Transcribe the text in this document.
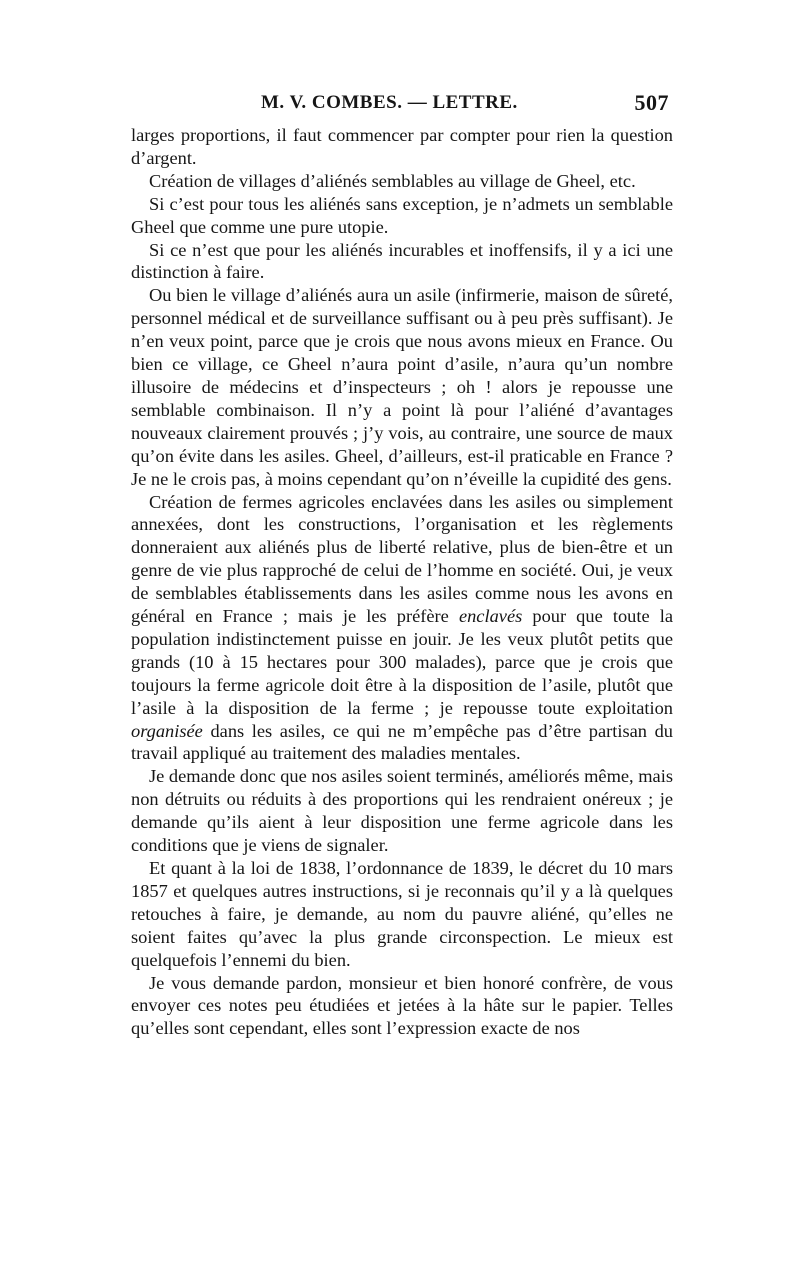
M. V. COMBES. — LETTRE.	507

larges proportions, il faut commencer par compter pour rien la question d’argent.

Création de villages d’aliénés semblables au village de Gheel, etc.

Si c’est pour tous les aliénés sans exception, je n’admets un semblable Gheel que comme une pure utopie.

Si ce n’est que pour les aliénés incurables et inoffensifs, il y a ici une distinction à faire.

Ou bien le village d’aliénés aura un asile (infirmerie, maison de sûreté, personnel médical et de surveillance suffisant ou à peu près suffisant). Je n’en veux point, parce que je crois que nous avons mieux en France. Ou bien ce village, ce Gheel n’aura point d’asile, n’aura qu’un nombre illusoire de médecins et d’inspecteurs ; oh ! alors je repousse une semblable combinaison. Il n’y a point là pour l’aliéné d’avantages nouveaux clairement prouvés ; j’y vois, au contraire, une source de maux qu’on évite dans les asiles. Gheel, d’ailleurs, est-il praticable en France ? Je ne le crois pas, à moins cependant qu’on n’éveille la cupidité des gens.

Création de fermes agricoles enclavées dans les asiles ou simplement annexées, dont les constructions, l’organisation et les règlements donneraient aux aliénés plus de liberté relative, plus de bien-être et un genre de vie plus rapproché de celui de l’homme en société. Oui, je veux de semblables établissements dans les asiles comme nous les avons en général en France ; mais je les préfère enclavés pour que toute la population indistinctement puisse en jouir. Je les veux plutôt petits que grands (10 à 15 hectares pour 300 malades), parce que je crois que toujours la ferme agricole doit être à la disposition de l’asile, plutôt que l’asile à la disposition de la ferme ; je repousse toute exploitation organisée dans les asiles, ce qui ne m’empêche pas d’être partisan du travail appliqué au traitement des maladies mentales.

Je demande donc que nos asiles soient terminés, améliorés même, mais non détruits ou réduits à des proportions qui les rendraient onéreux ; je demande qu’ils aient à leur disposition une ferme agricole dans les conditions que je viens de signaler.

Et quant à la loi de 1838, l’ordonnance de 1839, le décret du 10 mars 1857 et quelques autres instructions, si je reconnais qu’il y a là quelques retouches à faire, je demande, au nom du pauvre aliéné, qu’elles ne soient faites qu’avec la plus grande circonspection. Le mieux est quelquefois l’ennemi du bien.

Je vous demande pardon, monsieur et bien honoré confrère, de vous envoyer ces notes peu étudiées et jetées à la hâte sur le papier. Telles qu’elles sont cependant, elles sont l’expression exacte de nos
